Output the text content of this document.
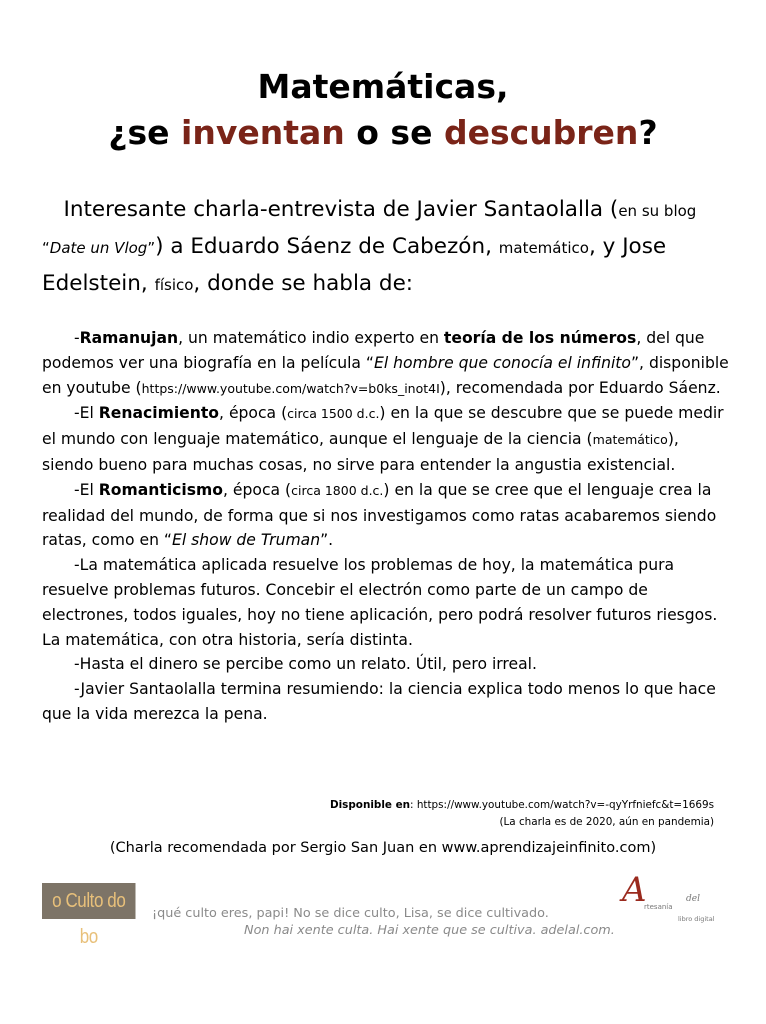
Matemáticas,
¿se inventan o se descubren?

 Interesante charla-entrevista de Javier Santaolalla (en su blog “Date un Vlog”) a Eduardo Sáenz de Cabezón, matemático, y Jose Edelstein, físico, donde se habla de:

-Ramanujan, un matemático indio experto en teoría de los números, del que podemos ver una biografía en la película “El hombre que conocía el infinito”, disponible en youtube (https://www.youtube.com/watch?v=b0ks_inot4I), recomendada por Eduardo Sáenz.

-El Renacimiento, época (circa 1500 d.c.) en la que se descubre que se puede medir el mundo con lenguaje matemático, aunque el lenguaje de la ciencia (matemático), siendo bueno para muchas cosas, no sirve para entender la angustia existencial.

-El Romanticismo, época (circa 1800 d.c.) en la que se cree que el lenguaje crea la realidad del mundo, de forma que si nos investigamos como ratas acabaremos siendo ratas, como en “El show de Truman”.

-La matemática aplicada resuelve los problemas de hoy, la matemática pura resuelve problemas futuros. Concebir el electrón como parte de un campo de electrones, todos iguales, hoy no tiene aplicación, pero podrá resolver futuros riesgos. La matemática, con otra historia, sería distinta.

-Hasta el dinero se percibe como un relato. Útil, pero irreal.

-Javier Santaolalla termina resumiendo: la ciencia explica todo menos lo que hace que la vida merezca la pena.

Disponible en: https://www.youtube.com/watch?v=-qyYrfniefc&t=1669s
(La charla es de 2020, aún en pandemia)
(Charla recomendada por Sergio San Juan en www.aprendizajeinfinito.com)
o Culto do bo
¡qué culto eres, papi! No se dice culto, Lisa, se dice cultivado.
Non hai xente culta. Hai xente que se cultiva. adelal.com.
A
rtesanía
del
libro digital
